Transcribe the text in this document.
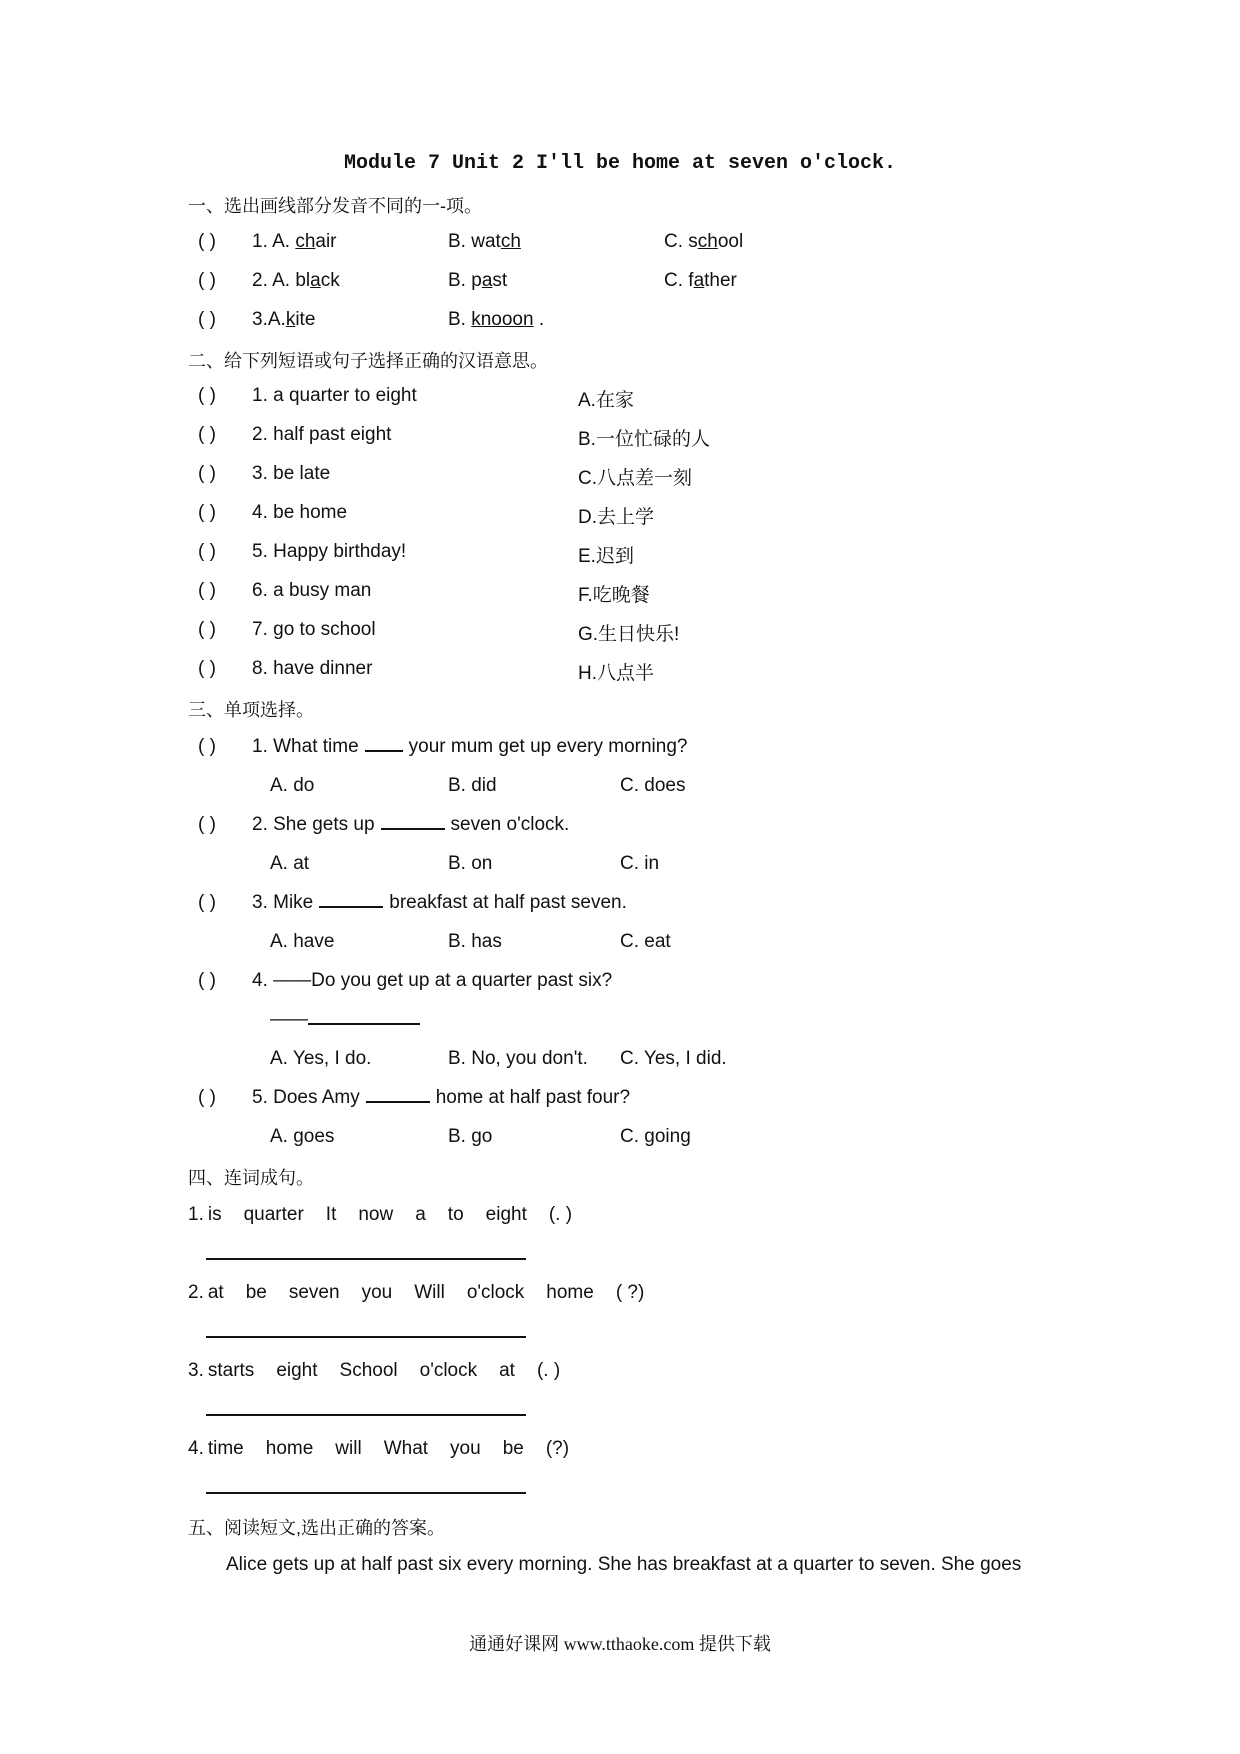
Module 7 Unit 2 I'll be home at seven o'clock.
一、选出画线部分发音不同的一-项。
( ) 1. A. chair	B. watch	C. school
( ) 2. A. black	B. past	C. father
( ) 3.A.kite	B. knooon .
二、给下列短语或句子选择正确的汉语意思。
( ) 1. a quarter to eight	A.在家
( ) 2. half past eight	B.一位忙碌的人
( ) 3. be late	C.八点差一刻
( ) 4. be home	D.去上学
( ) 5. Happy birthday!	E.迟到
( ) 6. a busy man	F.吃晚餐
( ) 7. go to school	G.生日快乐!
( ) 8. have dinner	H.八点半
三、单项选择。
( ) 1. What time	your mum get up every morning?
A. do	B. did	C. does
( ) 2. She gets up	seven o'clock.
A. at	B. on	C. in
( ) 3. Mike	breakfast at half past seven.
A. have	B. has	C. eat
( ) 4. ——Do you get up at a quarter past six?
——
A. Yes, I do.	B. No, you don't. C. Yes, I did.
( ) 5. Does Amy	home at half past four?
A. goes	B. go	C. going
四、连词成句。
1. is quarter It now a to eight (. )
2. at be seven you Will o'clock home ( ?)
3. starts eight School o'clock at (. )
4. time home will What you be (?)
五、阅读短文,选出正确的答案。
Alice gets up at half past six every morning. She has breakfast at a quarter to seven. She goes
通通好课网 www.tthaoke.com 提供下载
